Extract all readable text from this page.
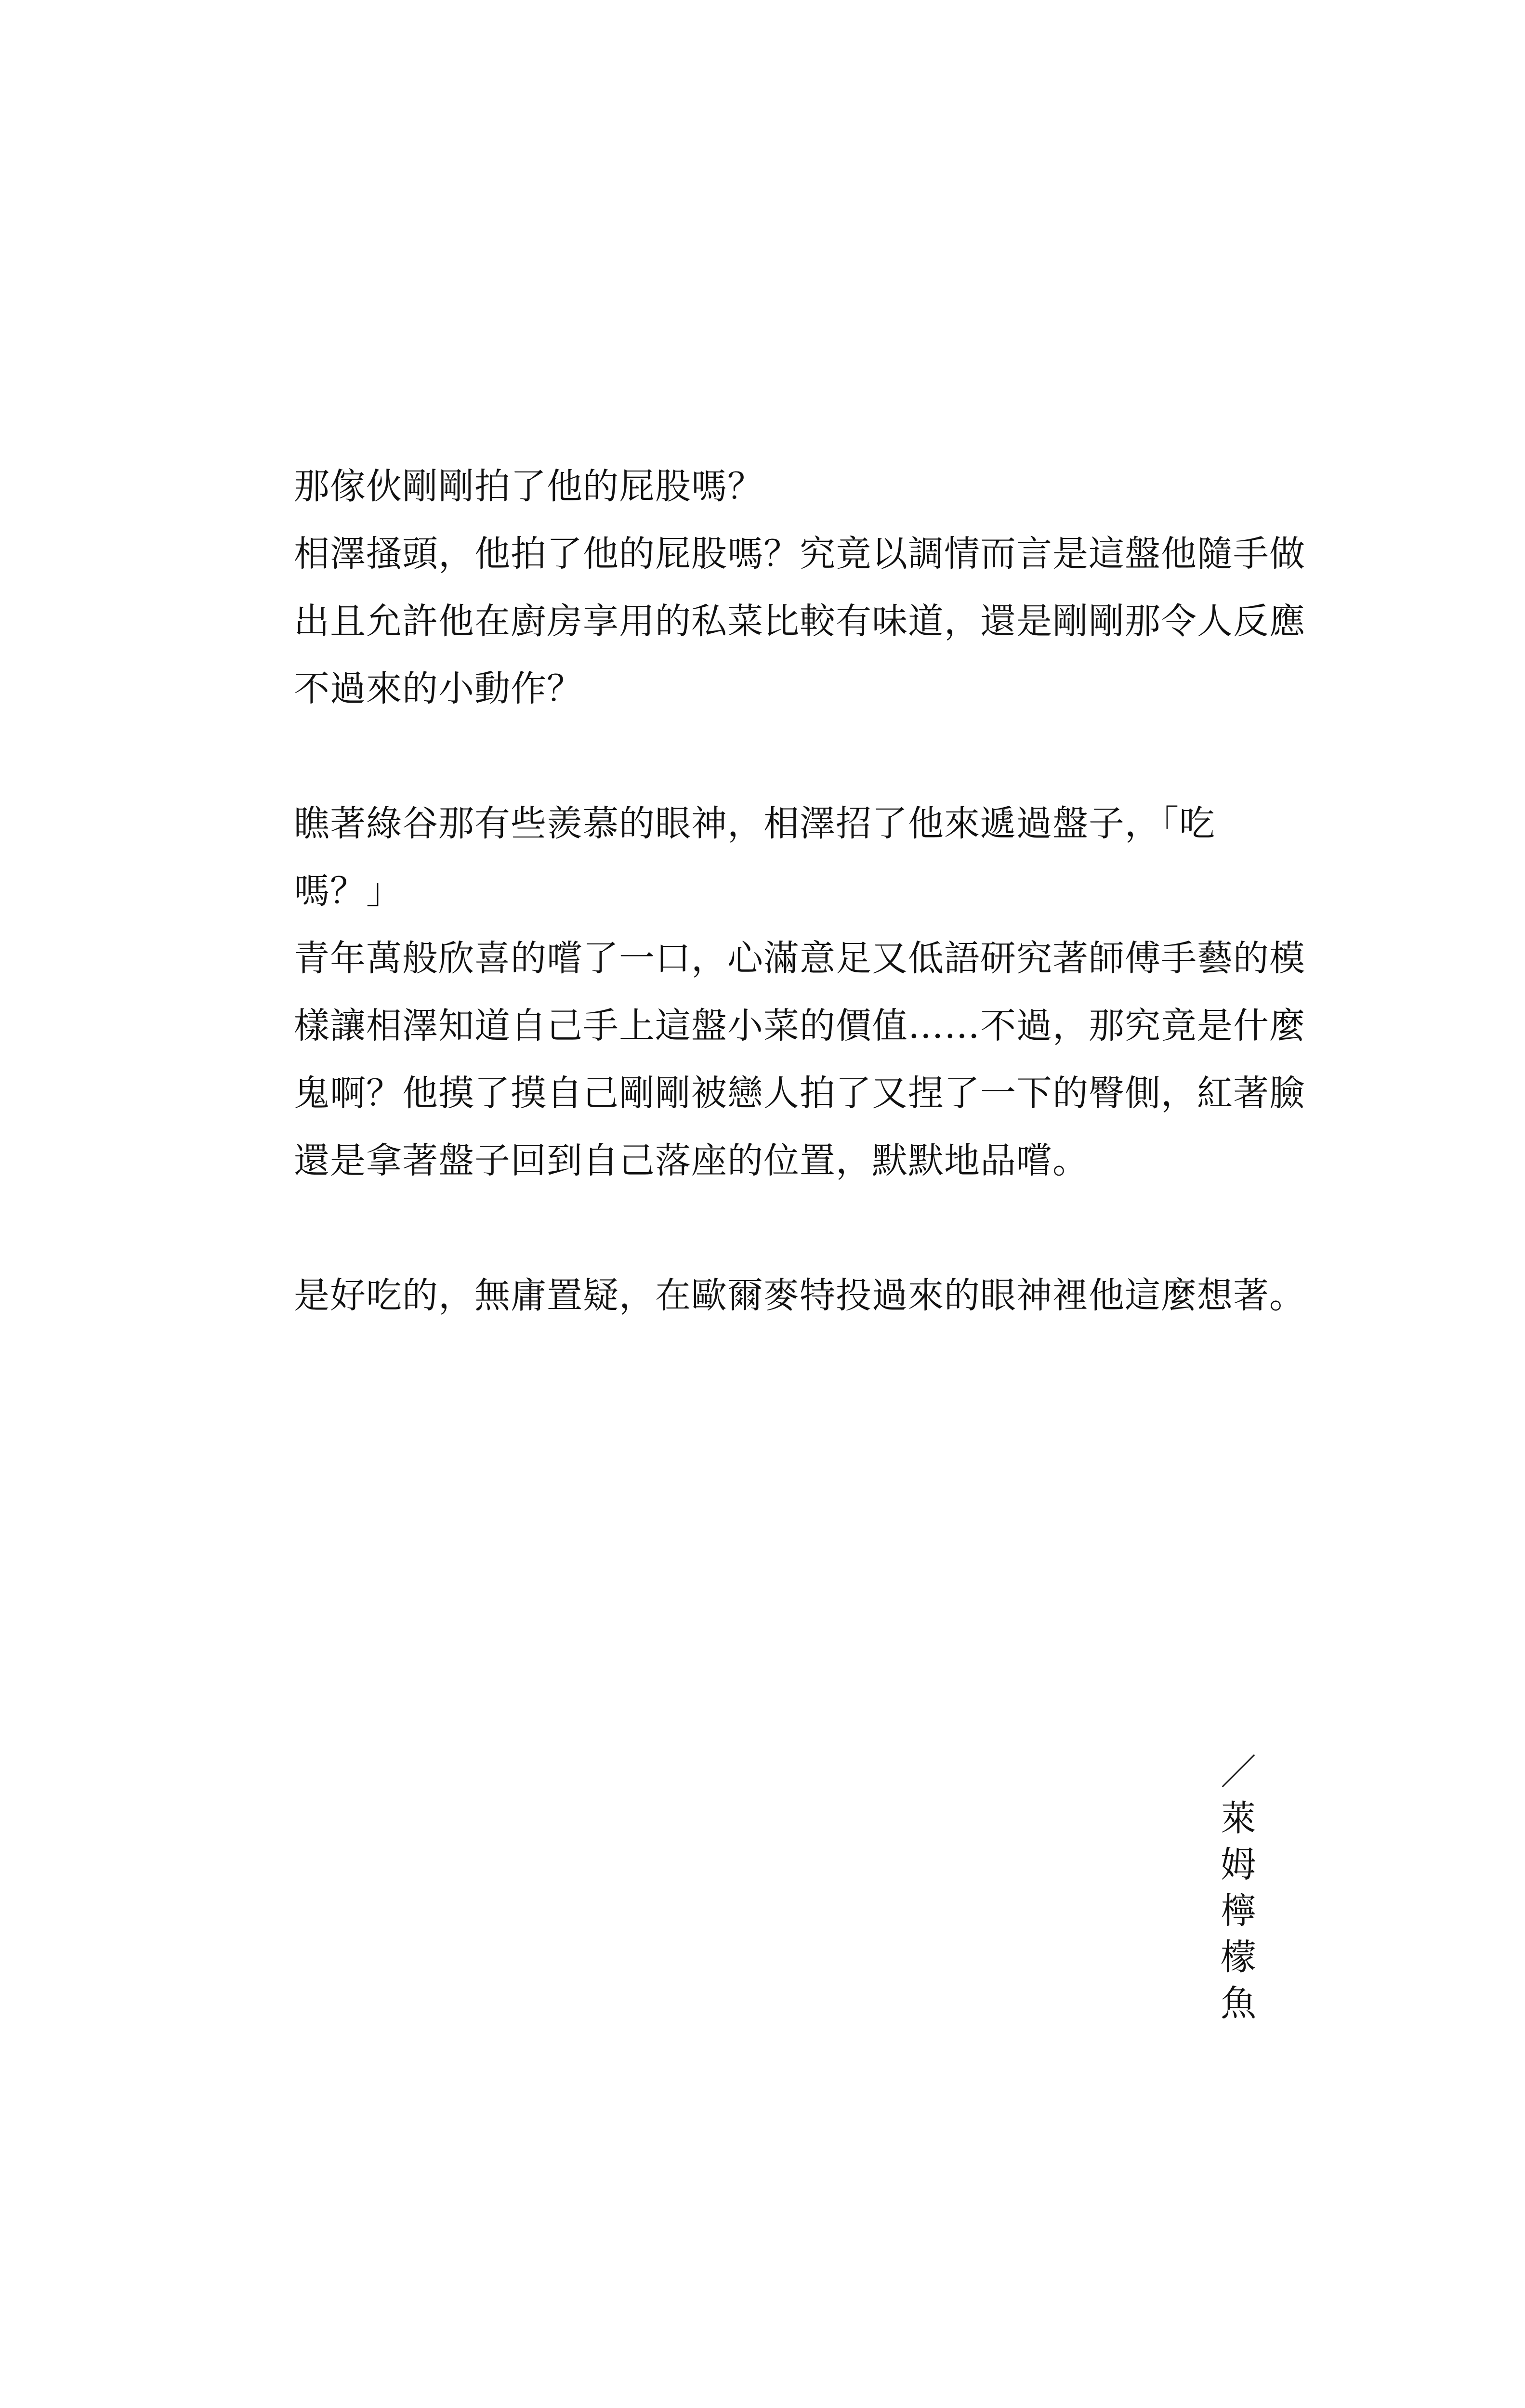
那傢伙剛剛拍了他的屁股嗎？
相澤搔頭，他拍了他的屁股嗎？究竟以調情而言是這盤他隨手做
出且允許他在廚房享用的私菜比較有味道，還是剛剛那令人反應
不過來的小動作？
瞧著綠谷那有些羨慕的眼神，相澤招了他來遞過盤子，「吃
嗎？」
青年萬般欣喜的嚐了一口，心滿意足又低語研究著師傅手藝的模
樣讓相澤知道自己手上這盤小菜的價值……不過，那究竟是什麼
鬼啊？他摸了摸自己剛剛被戀人拍了又捏了一下的臀側，紅著臉
還是拿著盤子回到自己落座的位置，默默地品嚐。
是好吃的，無庸置疑，在歐爾麥特投過來的眼神裡他這麼想著。
／萊姆檸檬魚
